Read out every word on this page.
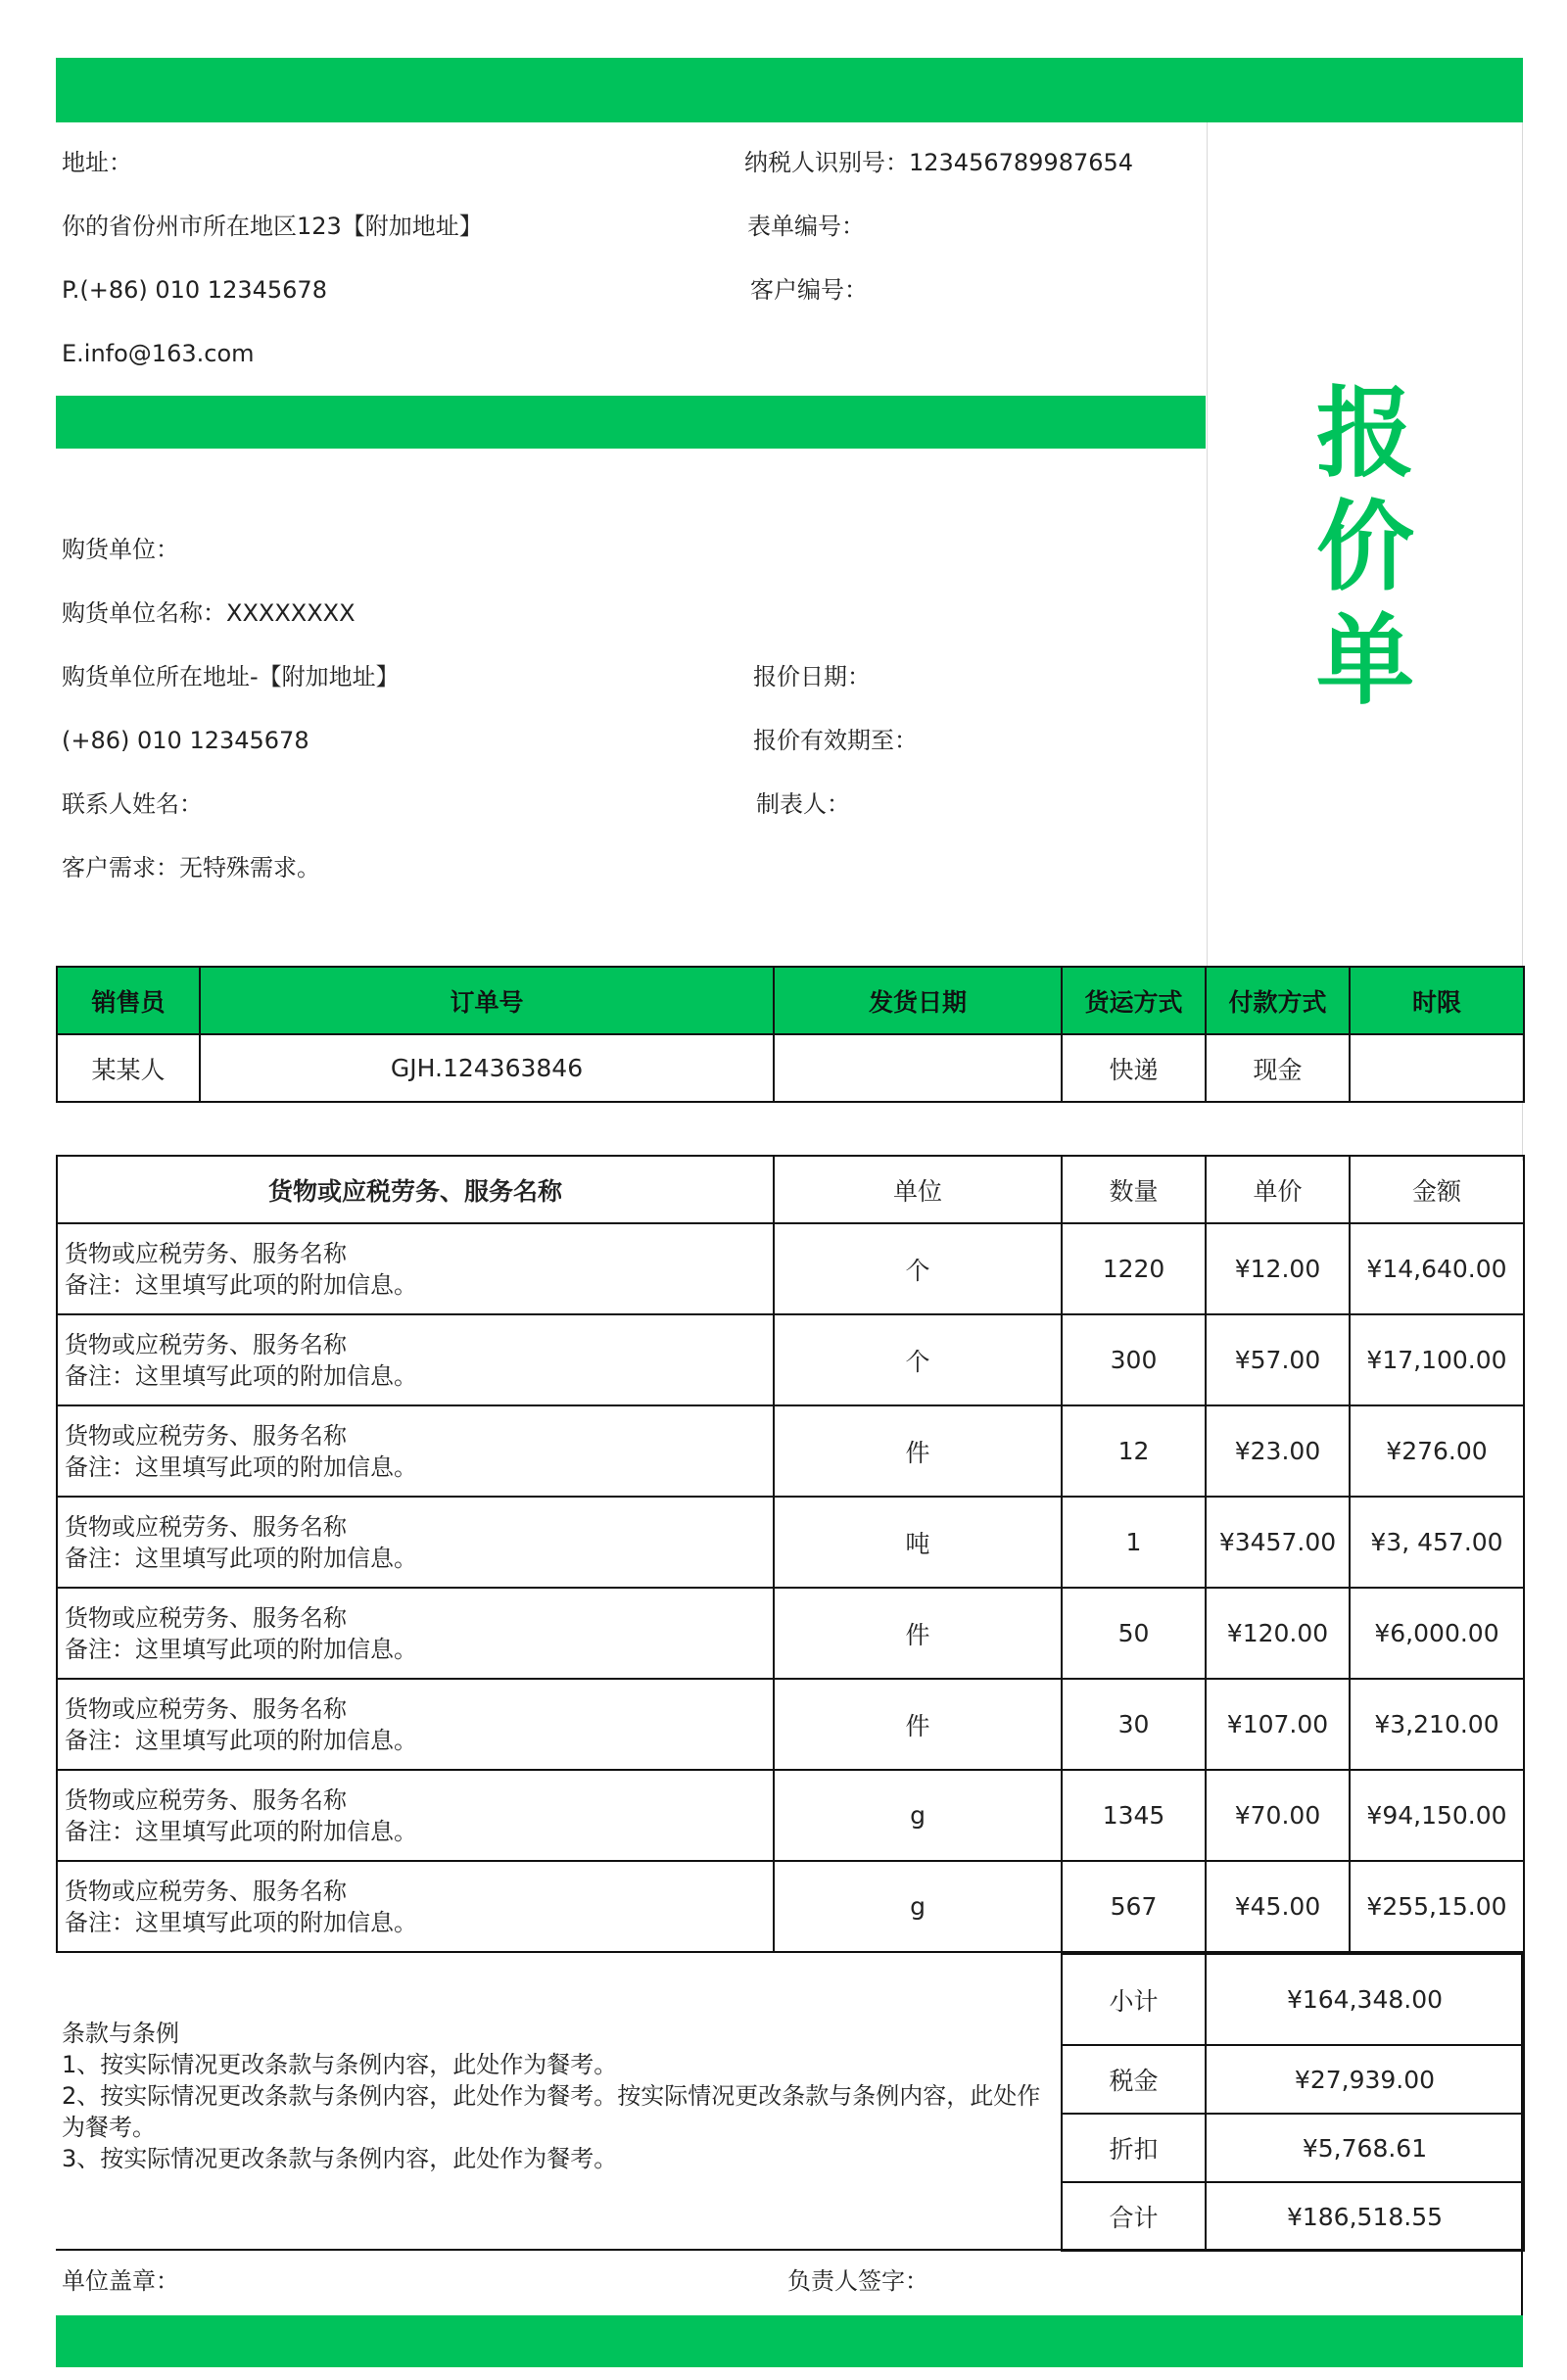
地址：
你的省份州市所在地区123【附加地址】
P.(+86) 010 12345678
E.info@163.com
纳税人识别号：123456789987654
表单编号：
客户编号：
报
价
单
购货单位：
购货单位名称：XXXXXXXX
购货单位所在地址-【附加地址】
(+86) 010 12345678
联系人姓名：
客户需求：无特殊需求。
报价日期：
报价有效期至：
制表人：
销售员	订单号	发货日期	货运方式	付款方式	时限
某某人	GJH.124363846		快递	现金	
货物或应税劳务、服务名称	单位	数量	单价	金额

货物或应税劳务、服务名称
备注：这里填写此项的附加信息。	个	1220	¥12.00	¥14,640.00

货物或应税劳务、服务名称
备注：这里填写此项的附加信息。	个	300	¥57.00	¥17,100.00

货物或应税劳务、服务名称
备注：这里填写此项的附加信息。	件	12	¥23.00	¥276.00

货物或应税劳务、服务名称
备注：这里填写此项的附加信息。	吨	1	¥3457.00	¥3, 457.00

货物或应税劳务、服务名称
备注：这里填写此项的附加信息。	件	50	¥120.00	¥6,000.00

货物或应税劳务、服务名称
备注：这里填写此项的附加信息。	件	30	¥107.00	¥3,210.00

货物或应税劳务、服务名称
备注：这里填写此项的附加信息。	g	1345	¥70.00	¥94,150.00

货物或应税劳务、服务名称
备注：这里填写此项的附加信息。	g	567	¥45.00	¥255,15.00
小计	¥164,348.00
税金	¥27,939.00
折扣	¥5,768.61
合计	¥186,518.55
条款与条例
1、按实际情况更改条款与条例内容，此处作为餐考。
2、按实际情况更改条款与条例内容，此处作为餐考。按实际情况更改条款与条例内容，此处作为餐考。
3、按实际情况更改条款与条例内容，此处作为餐考。
单位盖章：	负责人签字：
